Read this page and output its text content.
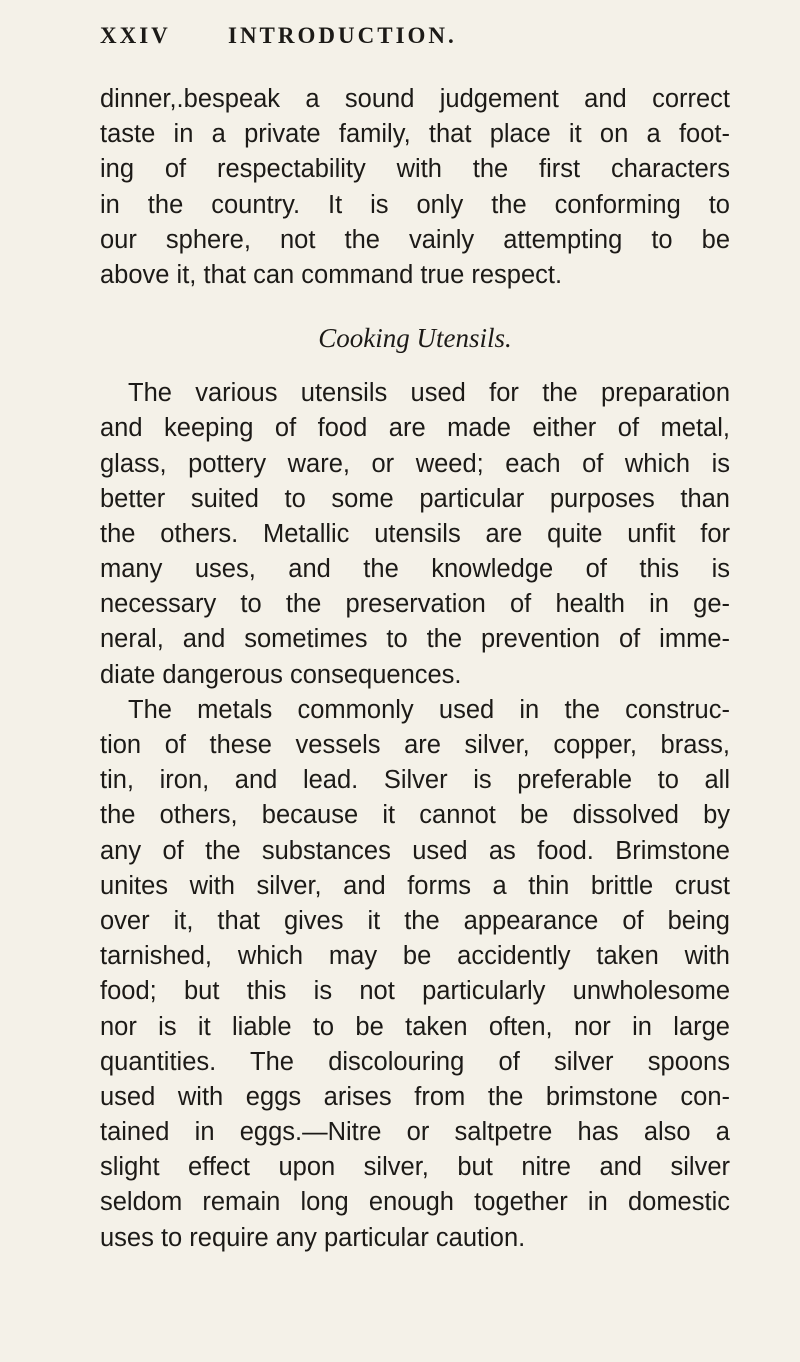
XXIV INTRODUCTION.
dinner,.bespeak a sound judgement and correct
taste in a private family, that place it on a foot-
ing of respectability with the first characters
in the country. It is only the conforming to
our sphere, not the vainly attempting to be
above it, that can command true respect.
Cooking Utensils.
The various utensils used for the preparation
and keeping of food are made either of metal,
glass, pottery ware, or weed; each of which is
better suited to some particular purposes than
the others. Metallic utensils are quite unfit for
many uses, and the knowledge of this is
necessary to the preservation of health in ge-
neral, and sometimes to the prevention of imme-
diate dangerous consequences.
The metals commonly used in the construc-
tion of these vessels are silver, copper, brass,
tin, iron, and lead. Silver is preferable to all
the others, because it cannot be dissolved by
any of the substances used as food. Brimstone
unites with silver, and forms a thin brittle crust
over it, that gives it the appearance of being
tarnished, which may be accidently taken with
food; but this is not particularly unwholesome
nor is it liable to be taken often, nor in large
quantities. The discolouring of silver spoons
used with eggs arises from the brimstone con-
tained in eggs.—Nitre or saltpetre has also a
slight effect upon silver, but nitre and silver
seldom remain long enough together in domestic
uses to require any particular caution.
